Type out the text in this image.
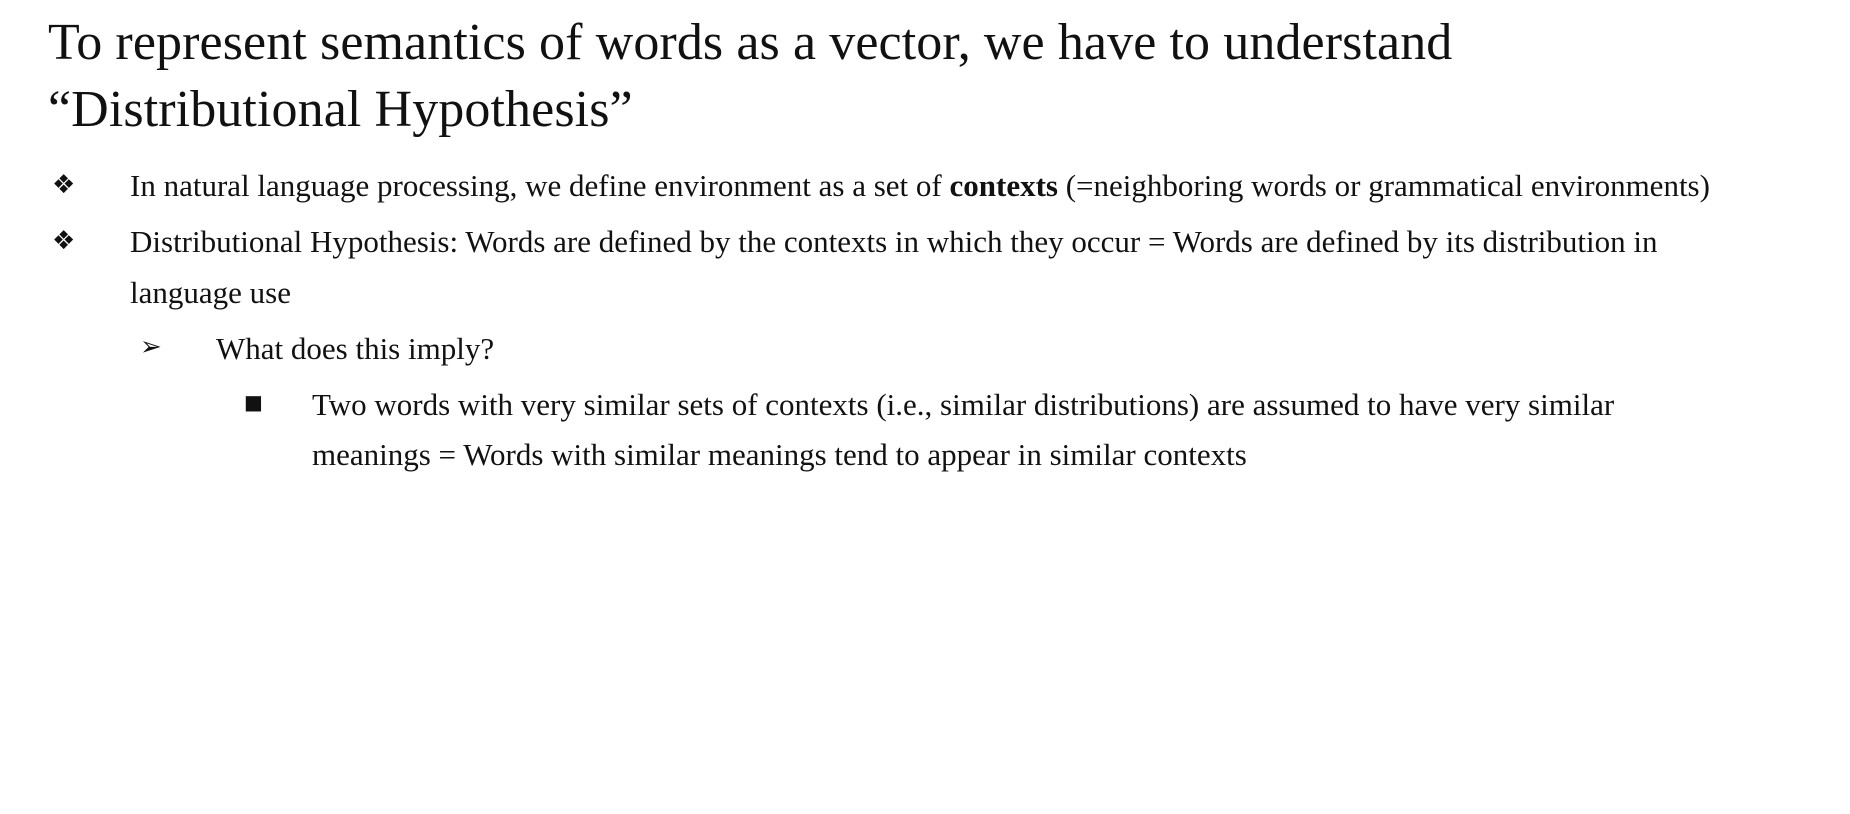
To represent semantics of words as a vector, we have to understand “Distributional Hypothesis”
❖	In natural language processing, we define environment as a set of contexts (=neighboring words or grammatical environments)
❖	Distributional Hypothesis: Words are defined by the contexts in which they occur = Words are defined by its distribution in language use
➢	What does this imply?
■	Two words with very similar sets of contexts (i.e., similar distributions) are assumed to have very similar meanings = Words with similar meanings tend to appear in similar contexts
